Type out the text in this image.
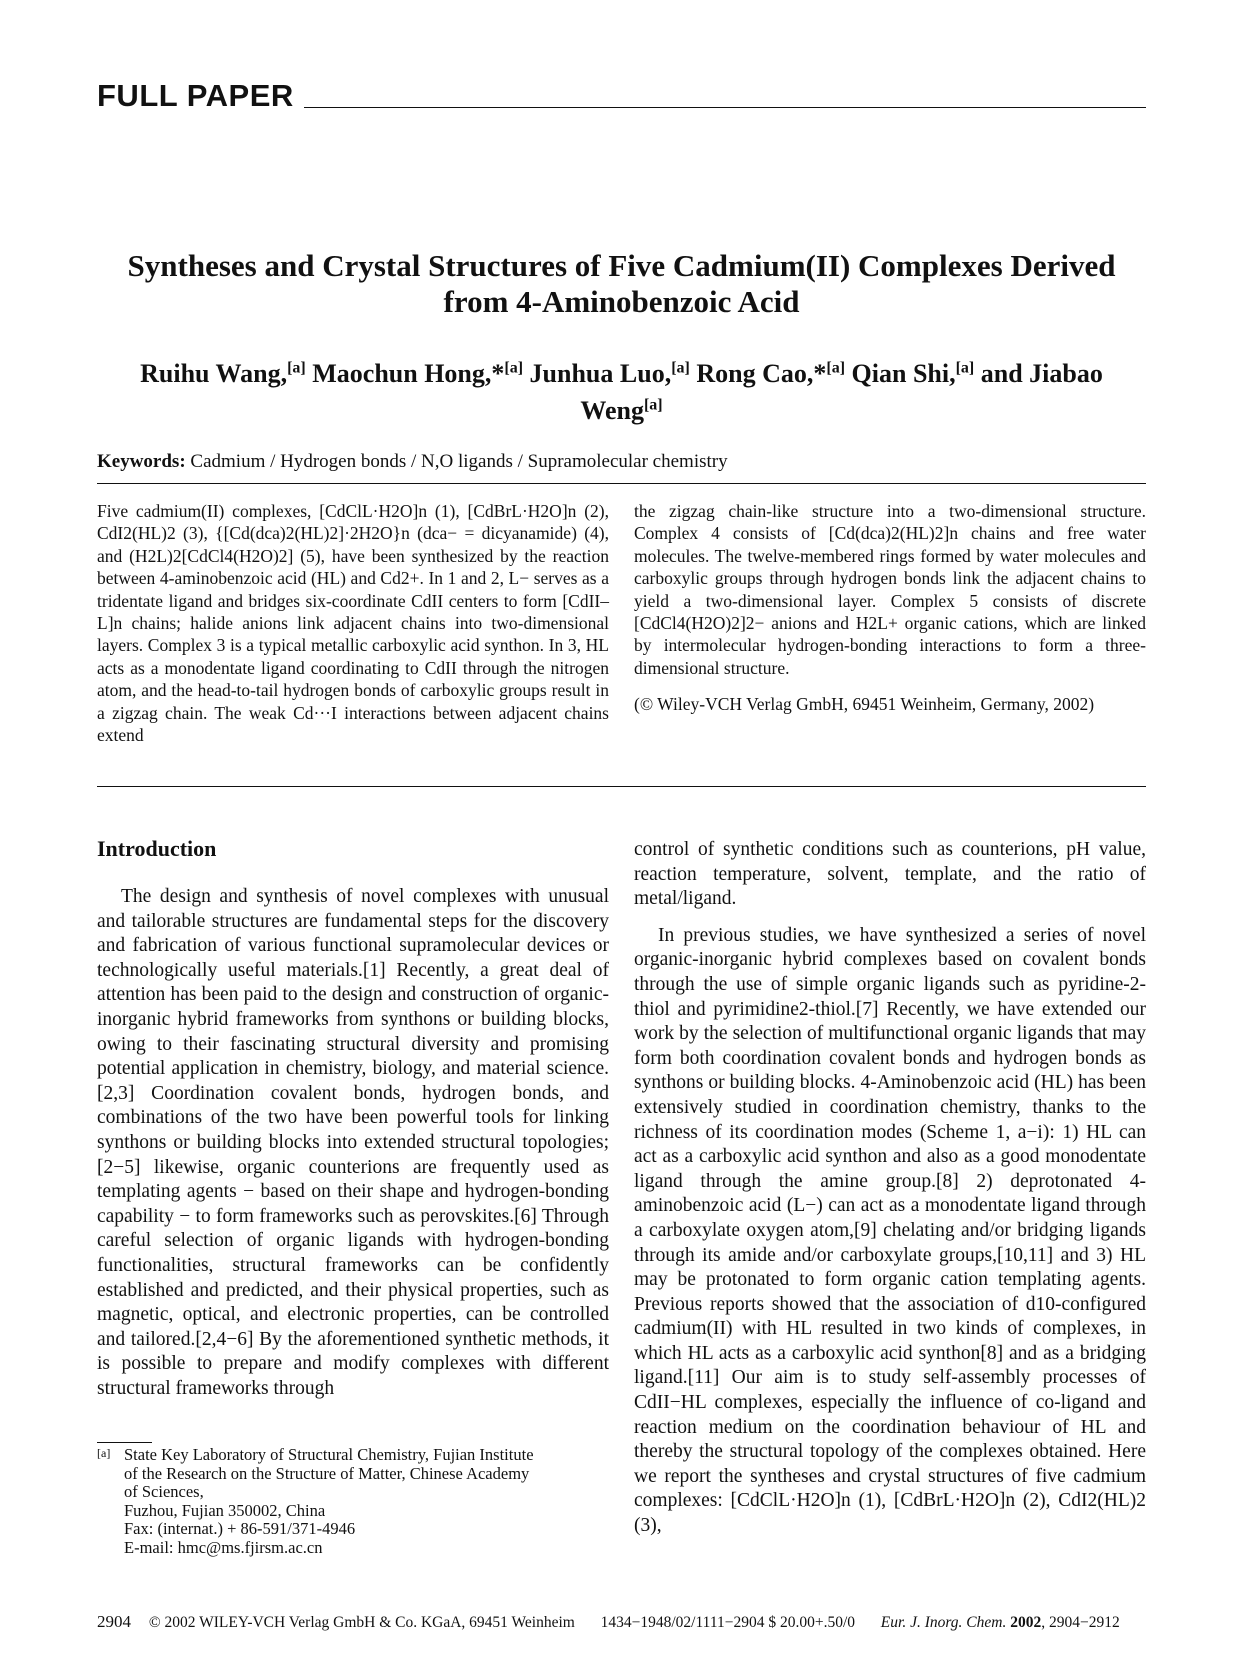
FULL PAPER
Syntheses and Crystal Structures of Five Cadmium(II) Complexes Derived from 4-Aminobenzoic Acid
Ruihu Wang,[a] Maochun Hong,*[a] Junhua Luo,[a] Rong Cao,*[a] Qian Shi,[a] and Jiabao Weng[a]
Keywords: Cadmium / Hydrogen bonds / N,O ligands / Supramolecular chemistry

Five cadmium(II) complexes, [CdClL·H2O]n (1), [CdBrL·H2O]n (2), CdI2(HL)2 (3), {[Cd(dca)2(HL)2]·2H2O}n (dca− = dicyanamide) (4), and (H2L)2[CdCl4(H2O)2] (5), have been synthesized by the reaction between 4-aminobenzoic acid (HL) and Cd2+. In 1 and 2, L− serves as a tridentate ligand and bridges six-coordinate CdII centers to form [CdII–L]n chains; halide anions link adjacent chains into two-dimensional layers. Complex 3 is a typical metallic carboxylic acid synthon. In 3, HL acts as a monodentate ligand coordinating to CdII through the nitrogen atom, and the head-to-tail hydrogen bonds of carboxylic groups result in a zigzag chain. The weak Cd···I interactions between adjacent chains extend

the zigzag chain-like structure into a two-dimensional structure. Complex 4 consists of [Cd(dca)2(HL)2]n chains and free water molecules. The twelve-membered rings formed by water molecules and carboxylic groups through hydrogen bonds link the adjacent chains to yield a two-dimensional layer. Complex 5 consists of discrete [CdCl4(H2O)2]2− anions and H2L+ organic cations, which are linked by intermolecular hydrogen-bonding interactions to form a three-dimensional structure.

(© Wiley-VCH Verlag GmbH, 69451 Weinheim, Germany, 2002)

Introduction

The design and synthesis of novel complexes with unusual and tailorable structures are fundamental steps for the discovery and fabrication of various functional supramolecular devices or technologically useful materials.[1] Recently, a great deal of attention has been paid to the design and construction of organic-inorganic hybrid frameworks from synthons or building blocks, owing to their fascinating structural diversity and promising potential application in chemistry, biology, and material science.[2,3] Coordination covalent bonds, hydrogen bonds, and combinations of the two have been powerful tools for linking synthons or building blocks into extended structural topologies;[2−5] likewise, organic counterions are frequently used as templating agents − based on their shape and hydrogen-bonding capability − to form frameworks such as perovskites.[6] Through careful selection of organic ligands with hydrogen-bonding functionalities, structural frameworks can be confidently established and predicted, and their physical properties, such as magnetic, optical, and electronic properties, can be controlled and tailored.[2,4−6] By the aforementioned synthetic methods, it is possible to prepare and modify complexes with different structural frameworks through

control of synthetic conditions such as counterions, pH value, reaction temperature, solvent, template, and the ratio of metal/ligand.

In previous studies, we have synthesized a series of novel organic-inorganic hybrid complexes based on covalent bonds through the use of simple organic ligands such as pyridine-2-thiol and pyrimidine2-thiol.[7] Recently, we have extended our work by the selection of multifunctional organic ligands that may form both coordination covalent bonds and hydrogen bonds as synthons or building blocks. 4-Aminobenzoic acid (HL) has been extensively studied in coordination chemistry, thanks to the richness of its coordination modes (Scheme 1, a−i): 1) HL can act as a carboxylic acid synthon and also as a good monodentate ligand through the amine group.[8] 2) deprotonated 4-aminobenzoic acid (L−) can act as a monodentate ligand through a carboxylate oxygen atom,[9] chelating and/or bridging ligands through its amide and/or carboxylate groups,[10,11] and 3) HL may be protonated to form organic cation templating agents. Previous reports showed that the association of d10-configured cadmium(II) with HL resulted in two kinds of complexes, in which HL acts as a carboxylic acid synthon[8] and as a bridging ligand.[11] Our aim is to study self-assembly processes of CdII−HL complexes, especially the influence of co-ligand and reaction medium on the coordination behaviour of HL and thereby the structural topology of the complexes obtained. Here we report the syntheses and crystal structures of five cadmium complexes: [CdClL·H2O]n (1), [CdBrL·H2O]n (2), CdI2(HL)2 (3),

[a] State Key Laboratory of Structural Chemistry, Fujian Institute
of the Research on the Structure of Matter, Chinese Academy
of Sciences,
Fuzhou, Fujian 350002, China
Fax: (internat.) + 86-591/371-4946
E-mail: hmc@ms.fjirsm.ac.cn
2904 © 2002 WILEY-VCH Verlag GmbH & Co. KGaA, 69451 Weinheim 1434−1948/02/1111−2904 $ 20.00+.50/0 Eur. J. Inorg. Chem. 2002, 2904−2912
